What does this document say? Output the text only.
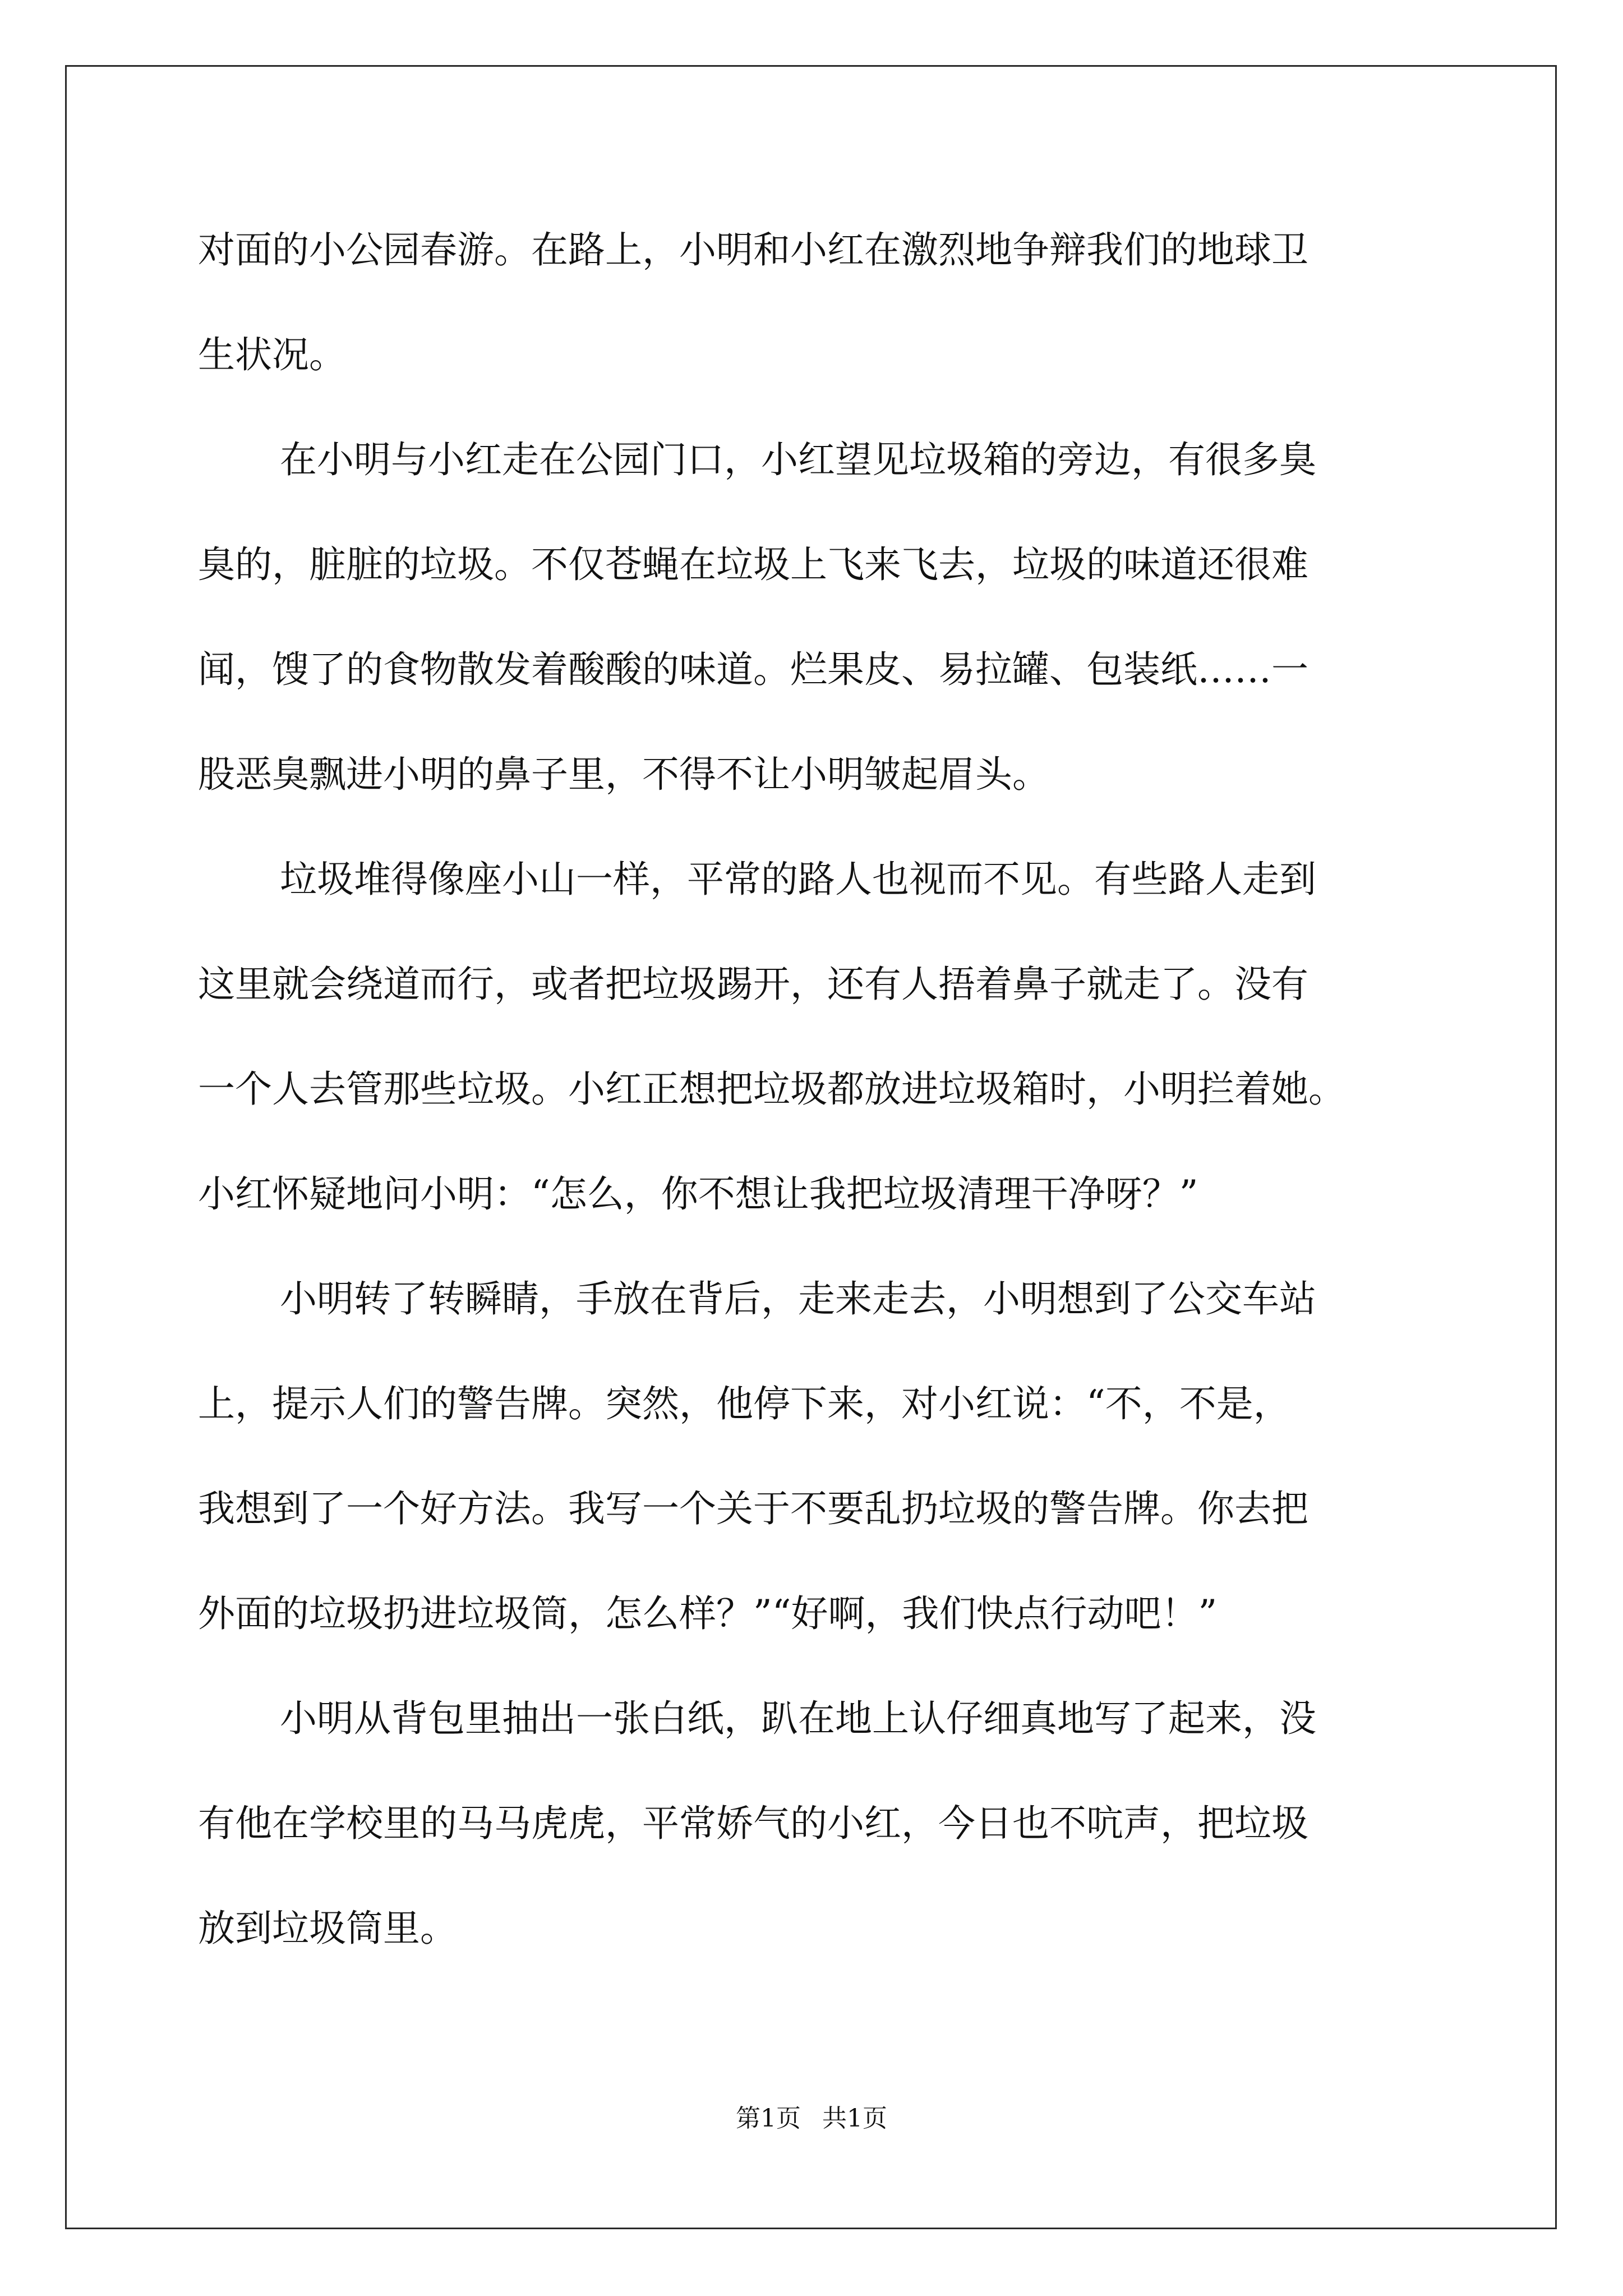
对面的小公园春游。在路上，小明和小红在激烈地争辩我们的地球卫
生状况。
在小明与小红走在公园门口，小红望见垃圾箱的旁边，有很多臭
臭的，脏脏的垃圾。不仅苍蝇在垃圾上飞来飞去，垃圾的味道还很难
闻，馊了的食物散发着酸酸的味道。烂果皮、易拉罐、包装纸……一
股恶臭飘进小明的鼻子里，不得不让小明皱起眉头。
垃圾堆得像座小山一样，平常的路人也视而不见。有些路人走到
这里就会绕道而行，或者把垃圾踢开，还有人捂着鼻子就走了。没有
一个人去管那些垃圾。小红正想把垃圾都放进垃圾箱时，小明拦着她。
小红怀疑地问小明：“怎么，你不想让我把垃圾清理干净呀？”
小明转了转瞬睛，手放在背后，走来走去，小明想到了公交车站
上，提示人们的警告牌。突然，他停下来，对小红说：“不，不是，
我想到了一个好方法。我写一个关于不要乱扔垃圾的警告牌。你去把
外面的垃圾扔进垃圾筒，怎么样？”“好啊，我们快点行动吧！”
小明从背包里抽出一张白纸，趴在地上认仔细真地写了起来，没
有他在学校里的马马虎虎，平常娇气的小红，今日也不吭声，把垃圾
放到垃圾筒里。
第1页 共1页
